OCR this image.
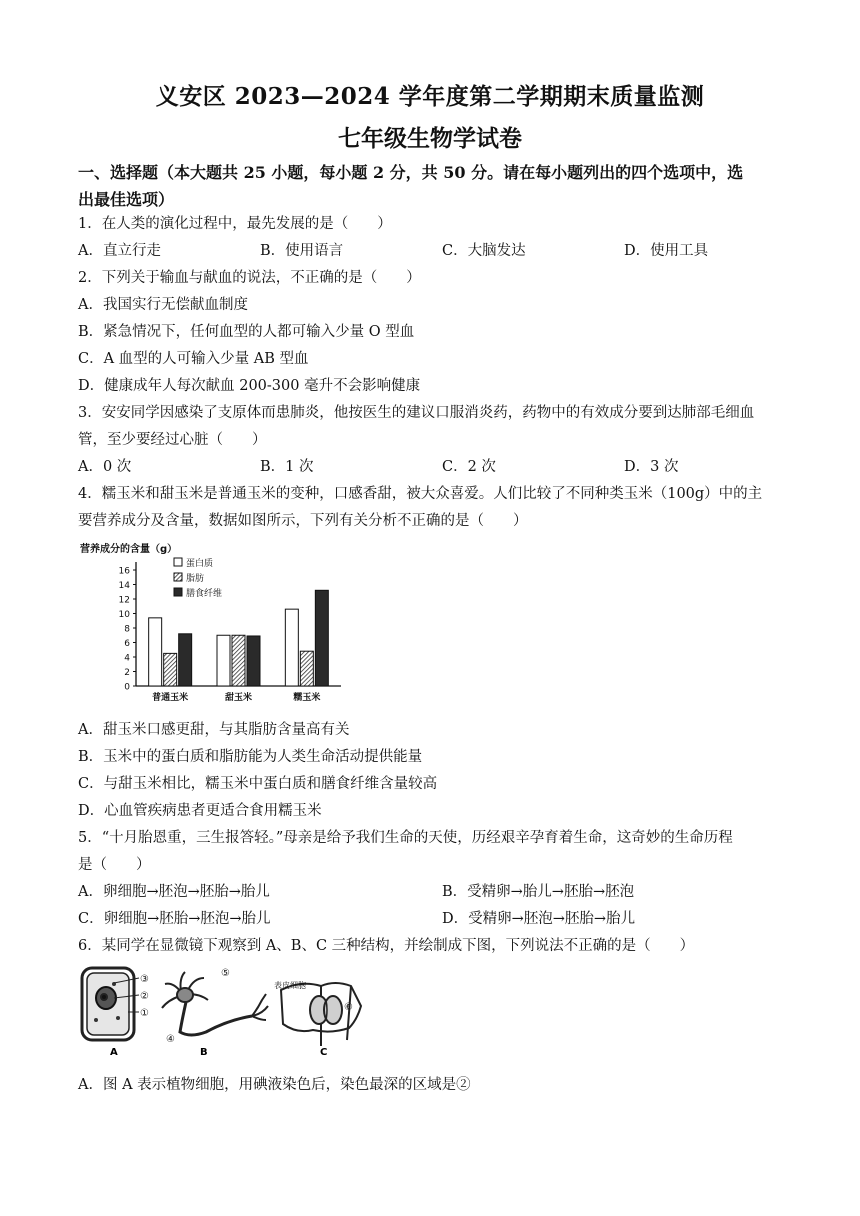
义安区 2023—2024 学年度第二学期期末质量监测
七年级生物学试卷
一、选择题（本大题共 25 小题，每小题 2 分，共 50 分。请在每小题列出的四个选项中，选
出最佳选项）
1．在人类的演化过程中，最先发展的是（　　）
A．直立行走	B．使用语言	C．大脑发达	D．使用工具
2．下列关于输血与献血的说法，不正确的是（　　）
A．我国实行无偿献血制度
B．紧急情况下，任何血型的人都可输入少量 O 型血
C．A 血型的人可输入少量 AB 型血
D．健康成年人每次献血 200-300 毫升不会影响健康
3．安安同学因感染了支原体而患肺炎，他按医生的建议口服消炎药，药物中的有效成分要到达肺部毛细血
管，至少要经过心脏（　　）
A．0 次	B．1 次	C．2 次	D．3 次
4．糯玉米和甜玉米是普通玉米的变种，口感香甜，被大众喜爱。人们比较了不同种类玉米（100g）中的主
要营养成分及含量，数据如图所示，下列有关分析不正确的是（　　）
营养成分的含量（g）
0
2
4
6
8
10
12
14
16
普通玉米	甜玉米	糯玉米
蛋白质
脂肪
膳食纤维
A．甜玉米口感更甜，与其脂肪含量高有关
B．玉米中的蛋白质和脂肪能为人类生命活动提供能量
C．与甜玉米相比，糯玉米中蛋白质和膳食纤维含量较高
D．心血管疾病患者更适合食用糯玉米
5．“十月胎恩重，三生报答轻。”母亲是给予我们生命的天使，历经艰辛孕育着生命，这奇妙的生命历程
是（　　）
A．卵细胞→胚泡→胚胎→胎儿	B．受精卵→胎儿→胚胎→胚泡
C．卵细胞→胚胎→胚泡→胎儿	D．受精卵→胚泡→胚胎→胎儿
6．某同学在显微镜下观察到 A、B、C 三种结构，并绘制成下图，下列说法不正确的是（　　）
③
②
①
A
⑤
④
B
表皮细胞
⑥
C
A．图 A 表示植物细胞，用碘液染色后，染色最深的区域是②
